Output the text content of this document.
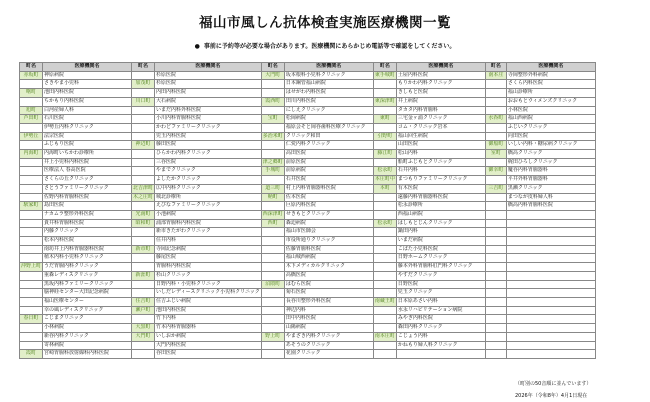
福山市風しん抗体検査実施医療機関一覧
● 事前に予約等が必要な場合があります。医療機関にあらかじめ電話等で確認をしてください。
町名	医療機関名	町名	医療機関名	町名	医療機関名	町名	医療機関名	町名	医療機関名
赤坂町	神原病院		杉原医院	大門町	坂本根科小児科クリニック	東手城町	土屋内科医院	南本庄	寺岡整形外科病院
	さきやま小児科	加茂町	杉原医院		日本鋼管福山病院		もりかわ内科クリニック		さくら内科医院
曙町	池田内科医院		内田内科医院		はせがわ内科医院		きしもと医院		福山診療所
	ちかもり内科医院	川口町	大石病院	霞西町	田川内科医院	東深津町	井上病院		おおもとウィメンズクリニック
旭町	白河産婦人科		いまだ内科外科医院		にしえクリニック		タカタ内科胃腸科		小林医院
芦田町	石川医院		小川内科胃腸科医院	宝町	松岡病院	東町	三宅金ヶ浦クリニック	水呑町	福山西病院
	伊勢丘内科クリニック		かわどファミリークリニック		福原会そと岡谷歯科医療クリニック		コム・クリニック岩本		ふじいクリニック
伊勢丘	法宗医院		児玉内科医院	多治米町	クリニック和田	引野町	福山回生病院		向田医院
	ふじもり医院	神辺町	藤田医院		仁愛内科クリニック		山田医院	御船町	いしい内科・糖尿病クリニック
内海町	内海町いちかわ診療所		ひらかわ内科クリニック		高田医院	藤江町	松山内科	室町	橋高クリニック
	井上小児科内科医院		三谷医院	津之郷町	前原医院		船町ふじもとクリニック		梶田ひろしクリニック
	医療法人 春高医院		やまでクリニック	手城町	前原病院	松永町	石井内科	御幸町	魔谷内科胃腸器科
	さくらの丘クリニック		よしたかクリニック		石井医院	本庄町中	まつもりファミリークリニック		平井外科胃腸器科
	さとうファミリークリニック	北吉津町	広中内科クリニック	道三町	村上内科胃腸器科医院	本町	有木医院	三吉町	黒瀬クリニック
	佐野内科胃腸科医院	木之庄町	城北診療所	鞆町	佐本医院		遠藤内科胃腸器科医院		まつなが皮科婦人科
駅家町	島田医院		えびなファミリークリニック		巨原内科医院		松永診療所		橋高内科胃腸科医院
	ナカムラ整形外科医院	光南町	小池病院	西深津町	せきもとクリニック		西福山病院		
	貴井科胃腸科医院	昭和町	浦部胃腸科内科医院	西町	森迫病院	松永町	はしもとじんクリニック		
	内藤クリニック		新市きたがわクリニック		福山市医師会		鍋田内科		
	松本内科医院		住井内科		市役所通りクリニック		いまだ病院		
	南坊井上内科胃腸器科医院	新市町	寺岡記念病院		佐藤胃腸科医院		こばた小児科医院		
	植木内科小児科クリニック		藤尾医院		福山城西病院		日野ホームクリニック		
沖野上町	うだ胃腸内科クリニック		胃腸科内科医院		木下メディカルクリニック		藤本外科胃腸科肛門科クリニック		
	重森レディスクリニック	新涯町	杉山クリニック		高橋医院		やすだクリニック		
	黒坂内科ファミリークリニック		日野内科・小児科クリニック	沼隈町	はむら医院		日野医院		
	脳神経センター大田記念病院		いしだレディースクリニック小児科クリニック		菊石医院		児玉クリニック		
	福山医療センター	住吉町	住吉ふじい病院		長谷川整形外科医院	南蔵王町	日本原あさい内科		
	幸の風レディスクリニック	瀬戸町	池田内科医院		神辺内科		水永リハビリテーション病院		
春日町	こじまクリニック		竹下内科		田中内科医院		みやぎ内科医院		
	小林病院	大黒町	竹本内科胃腸器科		山陽病院		森田内科クリニック		
	新谷内科クリニック	大門町	いしおか病院	野上町	やまざき内科クリニック	南本庄町	こじょう内科		
	寄林病院		大門内科医院		あそうのクリニック		かねもり婦人科クリニック		
霞町	宮崎胃腸科放射線科内科医院		谷田医院		花園クリニック				
（町別の50音順に並んでいます）
2026年（令和8年）4月1日現在
